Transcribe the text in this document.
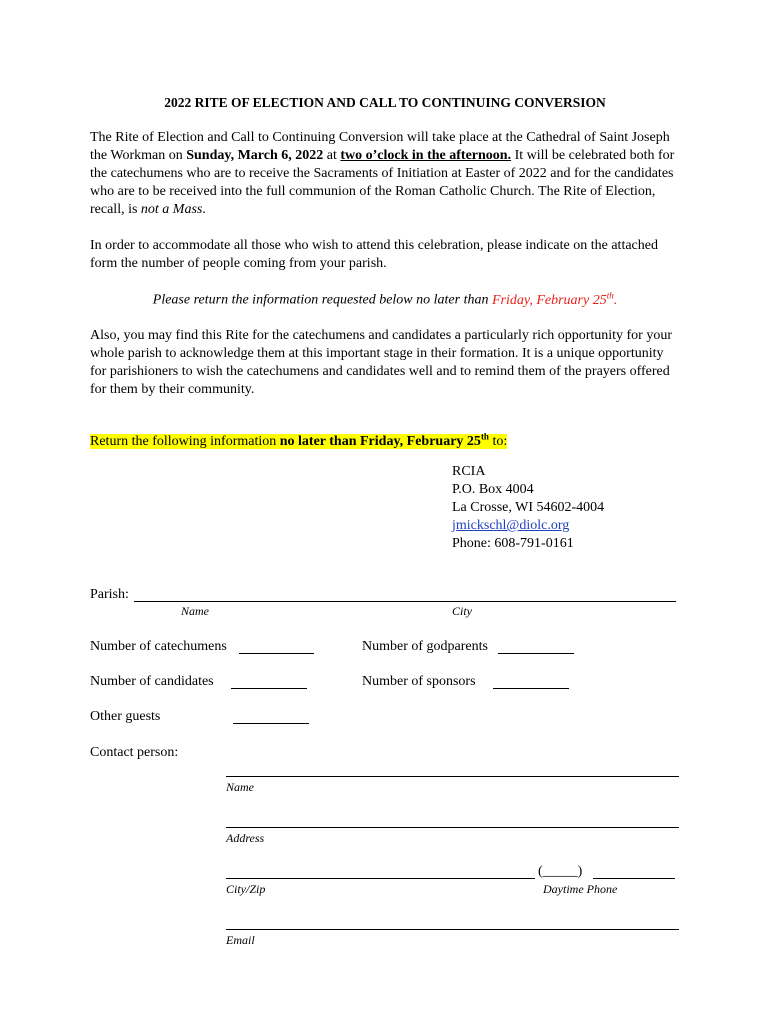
2022 RITE OF ELECTION AND CALL TO CONTINUING CONVERSION
The Rite of Election and Call to Continuing Conversion will take place at the Cathedral of Saint Joseph the Workman on Sunday, March 6, 2022 at two o’clock in the afternoon. It will be celebrated both for the catechumens who are to receive the Sacraments of Initiation at Easter of 2022 and for the candidates who are to be received into the full communion of the Roman Catholic Church. The Rite of Election, recall, is not a Mass.
In order to accommodate all those who wish to attend this celebration, please indicate on the attached form the number of people coming from your parish.
Please return the information requested below no later than Friday, February 25th.
Also, you may find this Rite for the catechumens and candidates a particularly rich opportunity for your whole parish to acknowledge them at this important stage in their formation. It is a unique opportunity for parishioners to wish the catechumens and candidates well and to remind them of the prayers offered for them by their community.
Return the following information no later than Friday, February 25th to:
RCIA
P.O. Box 4004
La Crosse, WI 54602-4004
jmickschl@diolc.org
Phone: 608-791-0161
Parish:
Name	City
Number of catechumens	Number of godparents
Number of candidates	Number of sponsors
Other guests
Contact person:
Name
Address
(_____)
City/Zip	Daytime Phone
Email
